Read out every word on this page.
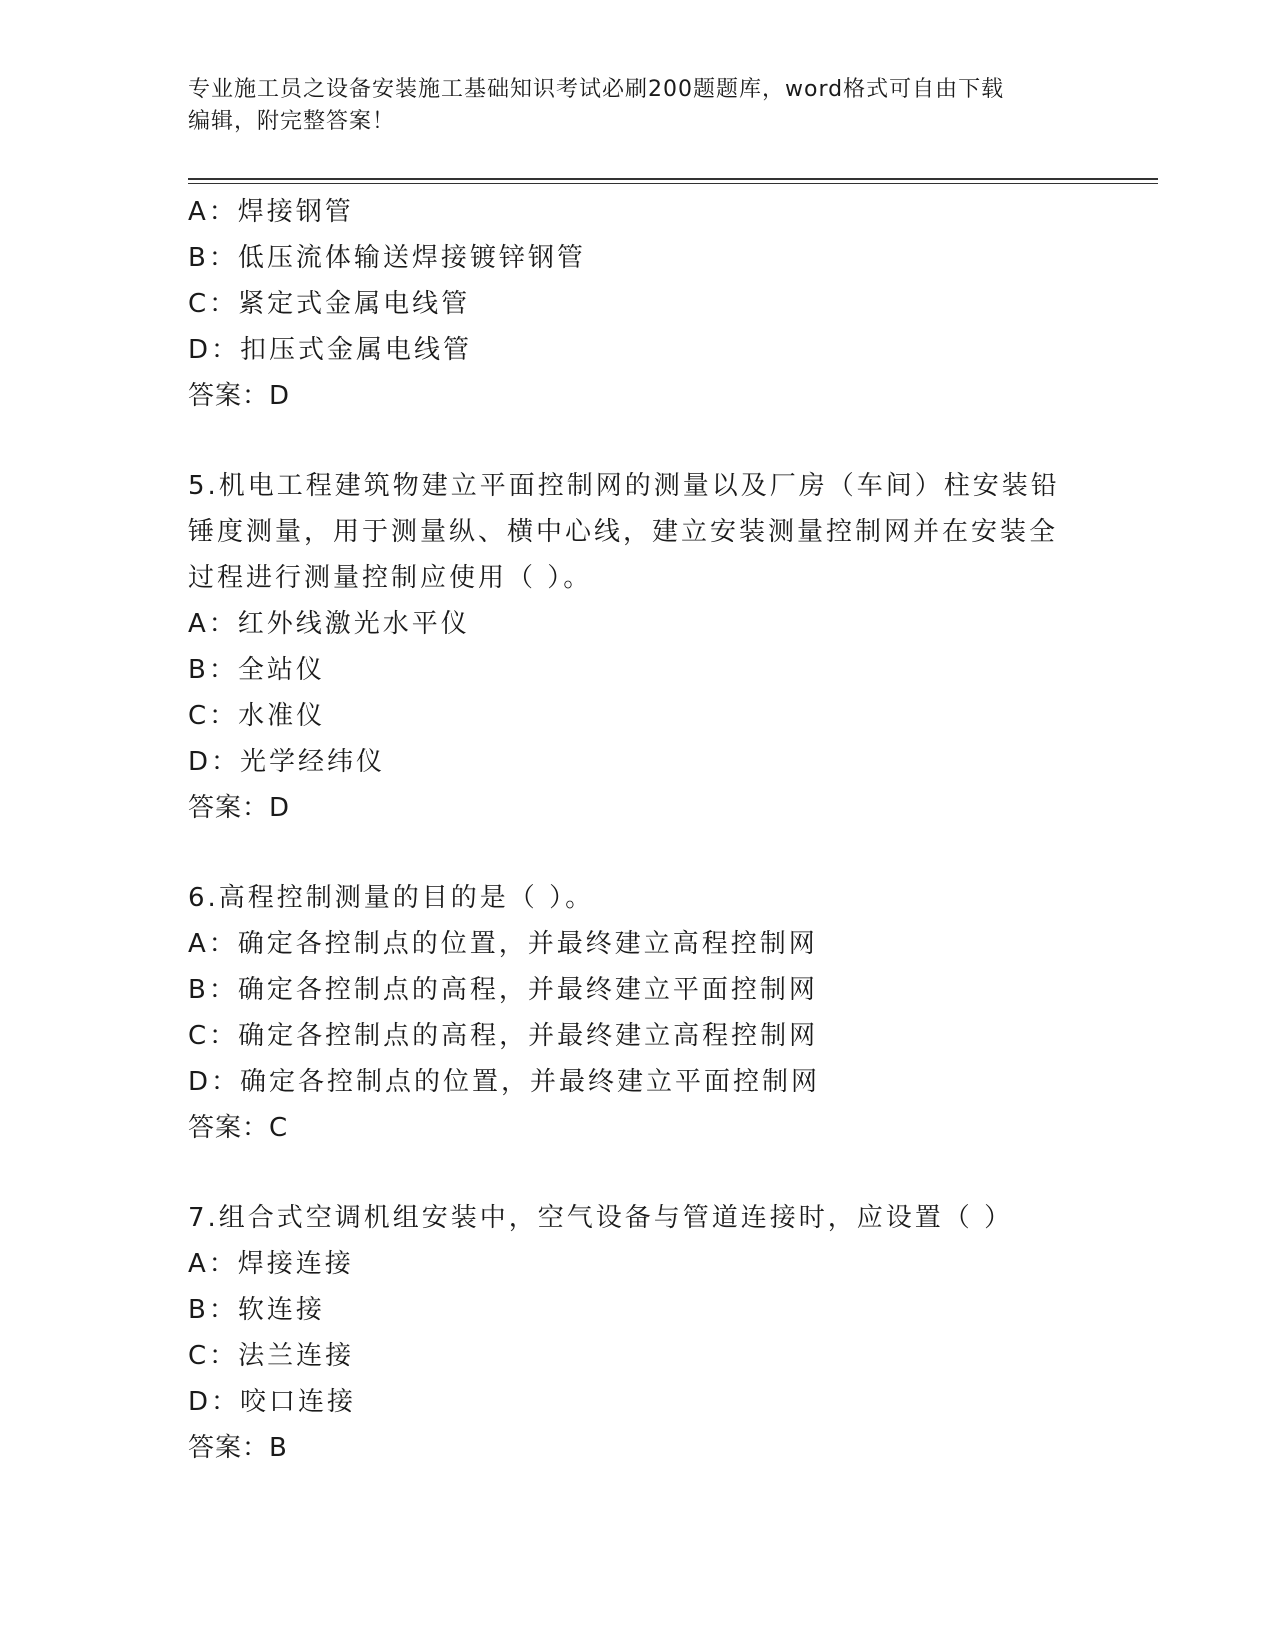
专业施工员之设备安装施工基础知识考试必刷200题题库，word格式可自由下载
编辑，附完整答案！
A：焊接钢管
B：低压流体输送焊接镀锌钢管
C：紧定式金属电线管
D：扣压式金属电线管
答案：D
5.机电工程建筑物建立平面控制网的测量以及厂房（车间）柱安装铅
锤度测量，用于测量纵、横中心线，建立安装测量控制网并在安装全
过程进行测量控制应使用（ ）。
A：红外线激光水平仪
B：全站仪
C：水准仪
D：光学经纬仪
答案：D
6.高程控制测量的目的是（ ）。
A：确定各控制点的位置，并最终建立高程控制网
B：确定各控制点的高程，并最终建立平面控制网
C：确定各控制点的高程，并最终建立高程控制网
D：确定各控制点的位置，并最终建立平面控制网
答案：C
7.组合式空调机组安装中，空气设备与管道连接时，应设置（ ）
A：焊接连接
B：软连接
C：法兰连接
D：咬口连接
答案：B
